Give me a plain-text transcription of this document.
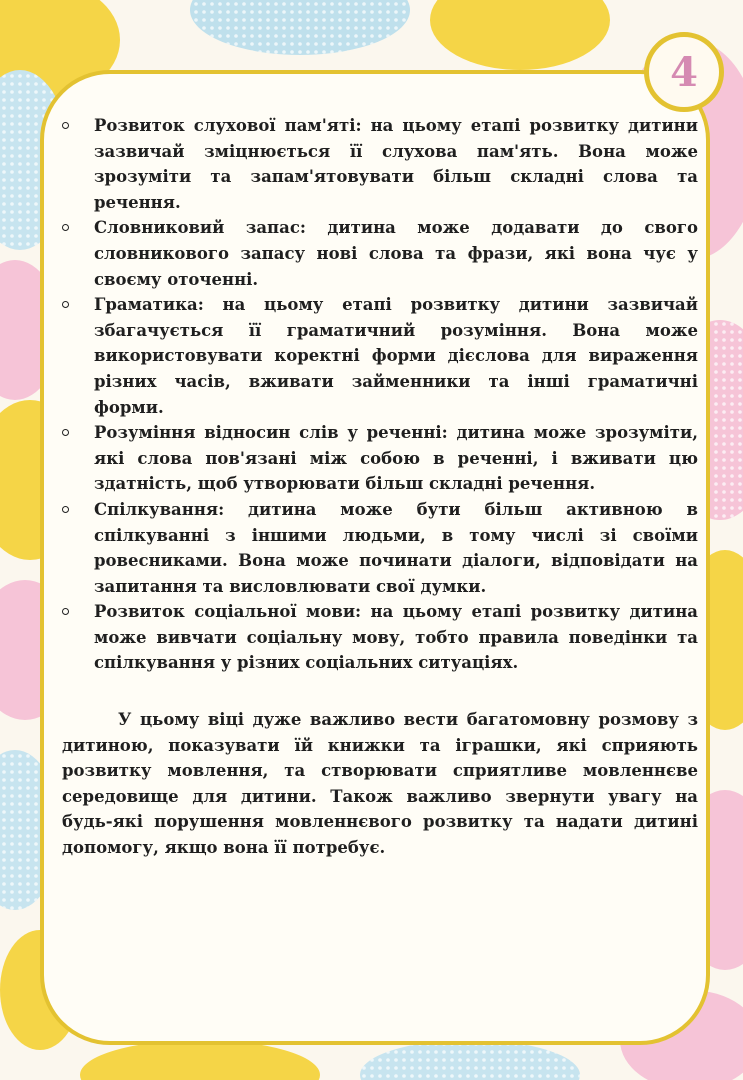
4
Розвиток слухової пам'яті: на цьому етапі розвитку дитини зазвичай зміцнюється її слухова пам'ять. Вона може зрозуміти та запам'ятовувати більш складні слова та речення.
Словниковий запас: дитина може додавати до свого словникового запасу нові слова та фрази, які вона чує у своєму оточенні.
Граматика: на цьому етапі розвитку дитини зазвичай збагачується її граматичний розуміння. Вона може використовувати коректні форми дієслова для вираження різних часів, вживати займенники та інші граматичні форми.
Розуміння відносин слів у реченні: дитина може зрозуміти, які слова пов'язані між собою в реченні, і вживати цю здатність, щоб утворювати більш складні речення.
Спілкування: дитина може бути більш активною в спілкуванні з іншими людьми, в тому числі зі своїми ровесниками. Вона може починати діалоги, відповідати на запитання та висловлювати свої думки.
Розвиток соціальної мови: на цьому етапі розвитку дитина може вивчати соціальну мову, тобто правила поведінки та спілкування у різних соціальних ситуаціях.

У цьому віці дуже важливо вести багатомовну розмову з дитиною, показувати їй книжки та іграшки, які сприяють розвитку мовлення, та створювати сприятливе мовленнєве середовище для дитини. Також важливо звернути увагу на будь-які порушення мовленнєвого розвитку та надати дитині допомогу, якщо вона її потребує.
